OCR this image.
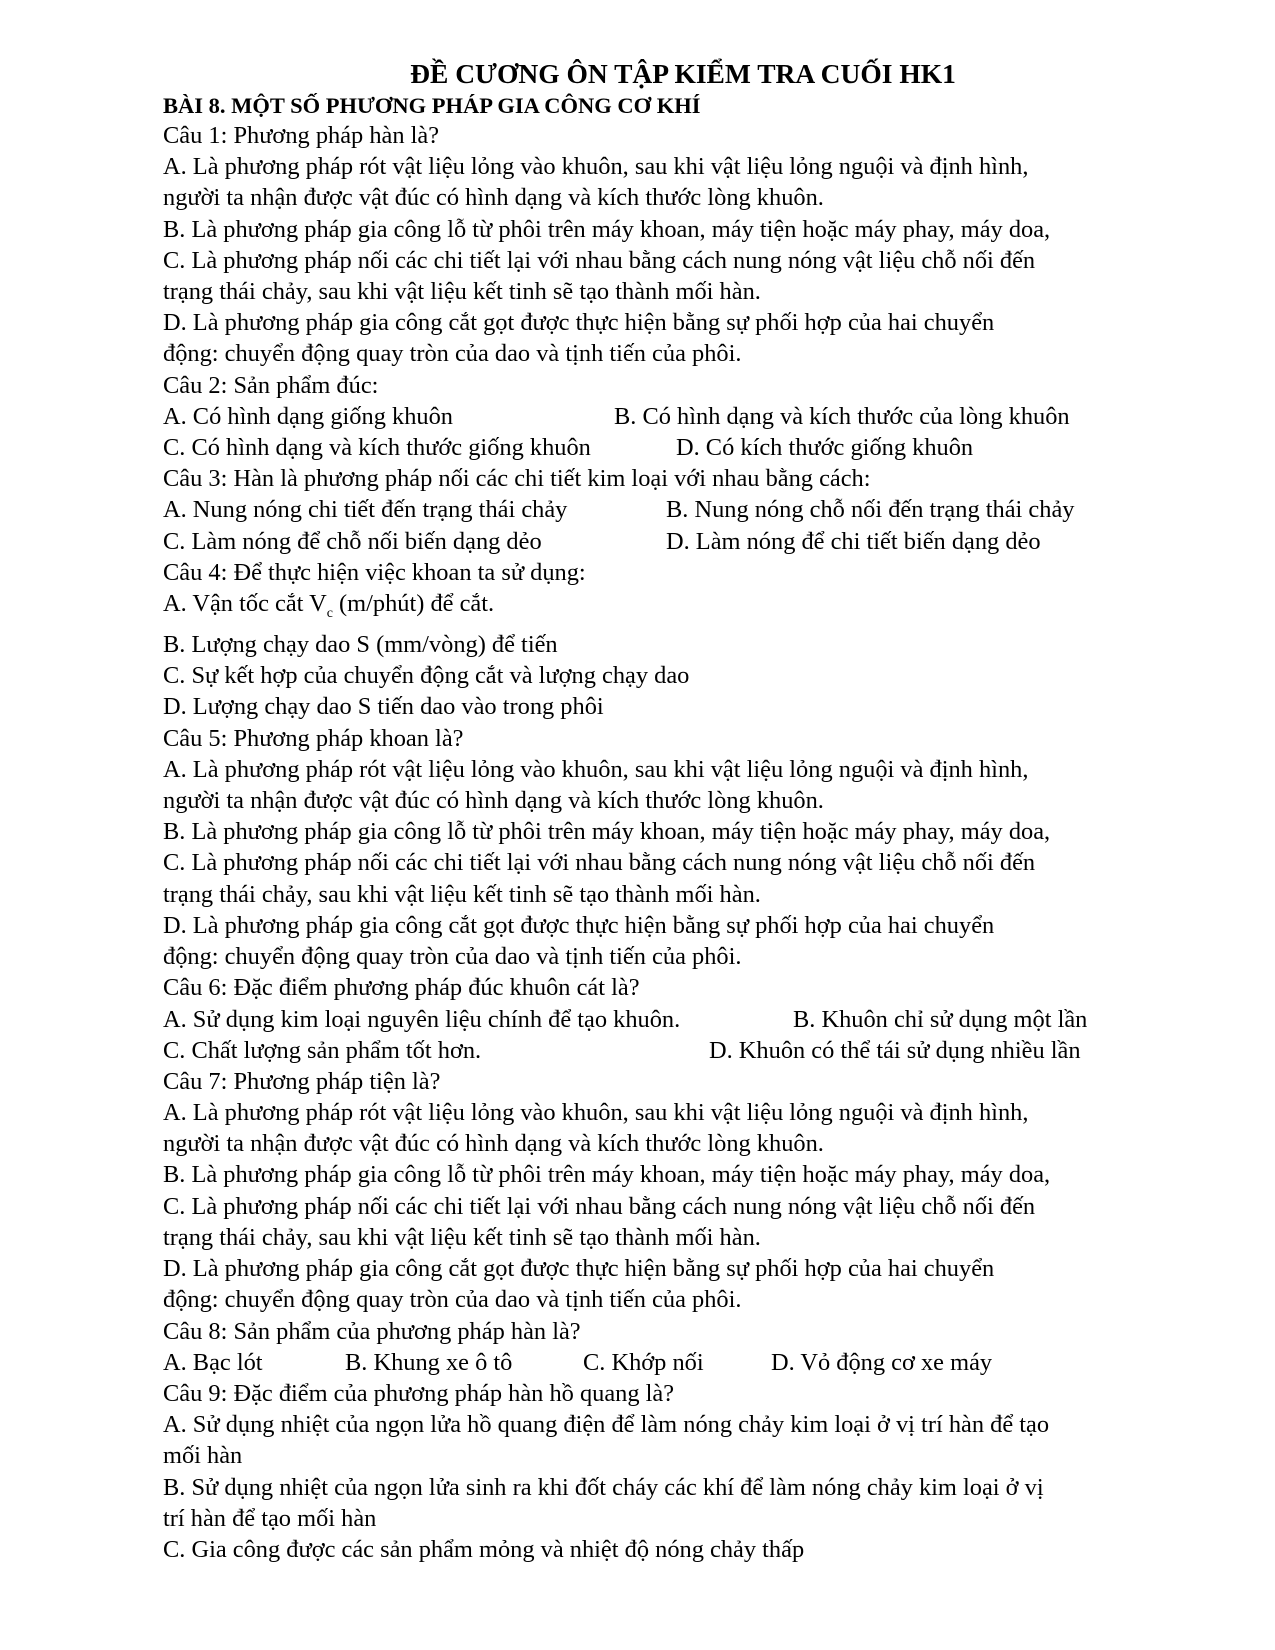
ĐỀ CƯƠNG ÔN TẬP KIỂM TRA CUỐI HK1
BÀI 8. MỘT SỐ PHƯƠNG PHÁP GIA CÔNG CƠ KHÍ
Câu 1: Phương pháp hàn là?
A. Là phương pháp rót vật liệu lỏng vào khuôn, sau khi vật liệu lỏng nguội và định hình,
người ta nhận được vật đúc có hình dạng và kích thước lòng khuôn.
B. Là phương pháp gia công lỗ từ phôi trên máy khoan, máy tiện hoặc máy phay, máy doa,
C. Là phương pháp nối các chi tiết lại với nhau bằng cách nung nóng vật liệu chỗ nối đến
trạng thái chảy, sau khi vật liệu kết tinh sẽ tạo thành mối hàn.
D. Là phương pháp gia công cắt gọt được thực hiện bằng sự phối hợp của hai chuyển
động: chuyển động quay tròn của dao và tịnh tiến của phôi.
Câu 2: Sản phẩm đúc:
A. Có hình dạng giống khuôn	B. Có hình dạng và kích thước của lòng khuôn
C. Có hình dạng và kích thước giống khuôn	D. Có kích thước giống khuôn
Câu 3: Hàn là phương pháp nối các chi tiết kim loại với nhau bằng cách:
A. Nung nóng chi tiết đến trạng thái chảy	B. Nung nóng chỗ nối đến trạng thái chảy
C. Làm nóng để chỗ nối biến dạng dẻo	D. Làm nóng để chi tiết biến dạng dẻo
Câu 4: Để thực hiện việc khoan ta sử dụng:
A. Vận tốc cắt $V_c$ (m/phút) để cắt.
B. Lượng chạy dao S (mm/vòng) để tiến
C. Sự kết hợp của chuyển động cắt và lượng chạy dao
D. Lượng chạy dao S tiến dao vào trong phôi
Câu 5: Phương pháp khoan là?
A. Là phương pháp rót vật liệu lỏng vào khuôn, sau khi vật liệu lỏng nguội và định hình,
người ta nhận được vật đúc có hình dạng và kích thước lòng khuôn.
B. Là phương pháp gia công lỗ từ phôi trên máy khoan, máy tiện hoặc máy phay, máy doa,
C. Là phương pháp nối các chi tiết lại với nhau bằng cách nung nóng vật liệu chỗ nối đến
trạng thái chảy, sau khi vật liệu kết tinh sẽ tạo thành mối hàn.
D. Là phương pháp gia công cắt gọt được thực hiện bằng sự phối hợp của hai chuyển
động: chuyển động quay tròn của dao và tịnh tiến của phôi.
Câu 6: Đặc điểm phương pháp đúc khuôn cát là?
A. Sử dụng kim loại nguyên liệu chính để tạo khuôn.	B. Khuôn chỉ sử dụng một lần
C. Chất lượng sản phẩm tốt hơn.	D. Khuôn có thể tái sử dụng nhiều lần
Câu 7: Phương pháp tiện là?
A. Là phương pháp rót vật liệu lỏng vào khuôn, sau khi vật liệu lỏng nguội và định hình,
người ta nhận được vật đúc có hình dạng và kích thước lòng khuôn.
B. Là phương pháp gia công lỗ từ phôi trên máy khoan, máy tiện hoặc máy phay, máy doa,
C. Là phương pháp nối các chi tiết lại với nhau bằng cách nung nóng vật liệu chỗ nối đến
trạng thái chảy, sau khi vật liệu kết tinh sẽ tạo thành mối hàn.
D. Là phương pháp gia công cắt gọt được thực hiện bằng sự phối hợp của hai chuyển
động: chuyển động quay tròn của dao và tịnh tiến của phôi.
Câu 8: Sản phẩm của phương pháp hàn là?
A. Bạc lót	B. Khung xe ô tô	C. Khớp nối	D. Vỏ động cơ xe máy
Câu 9: Đặc điểm của phương pháp hàn hồ quang là?
A. Sử dụng nhiệt của ngọn lửa hồ quang điện để làm nóng chảy kim loại ở vị trí hàn để tạo
mối hàn
B. Sử dụng nhiệt của ngọn lửa sinh ra khi đốt cháy các khí để làm nóng chảy kim loại ở vị
trí hàn để tạo mối hàn
C. Gia công được các sản phẩm mỏng và nhiệt độ nóng chảy thấp
